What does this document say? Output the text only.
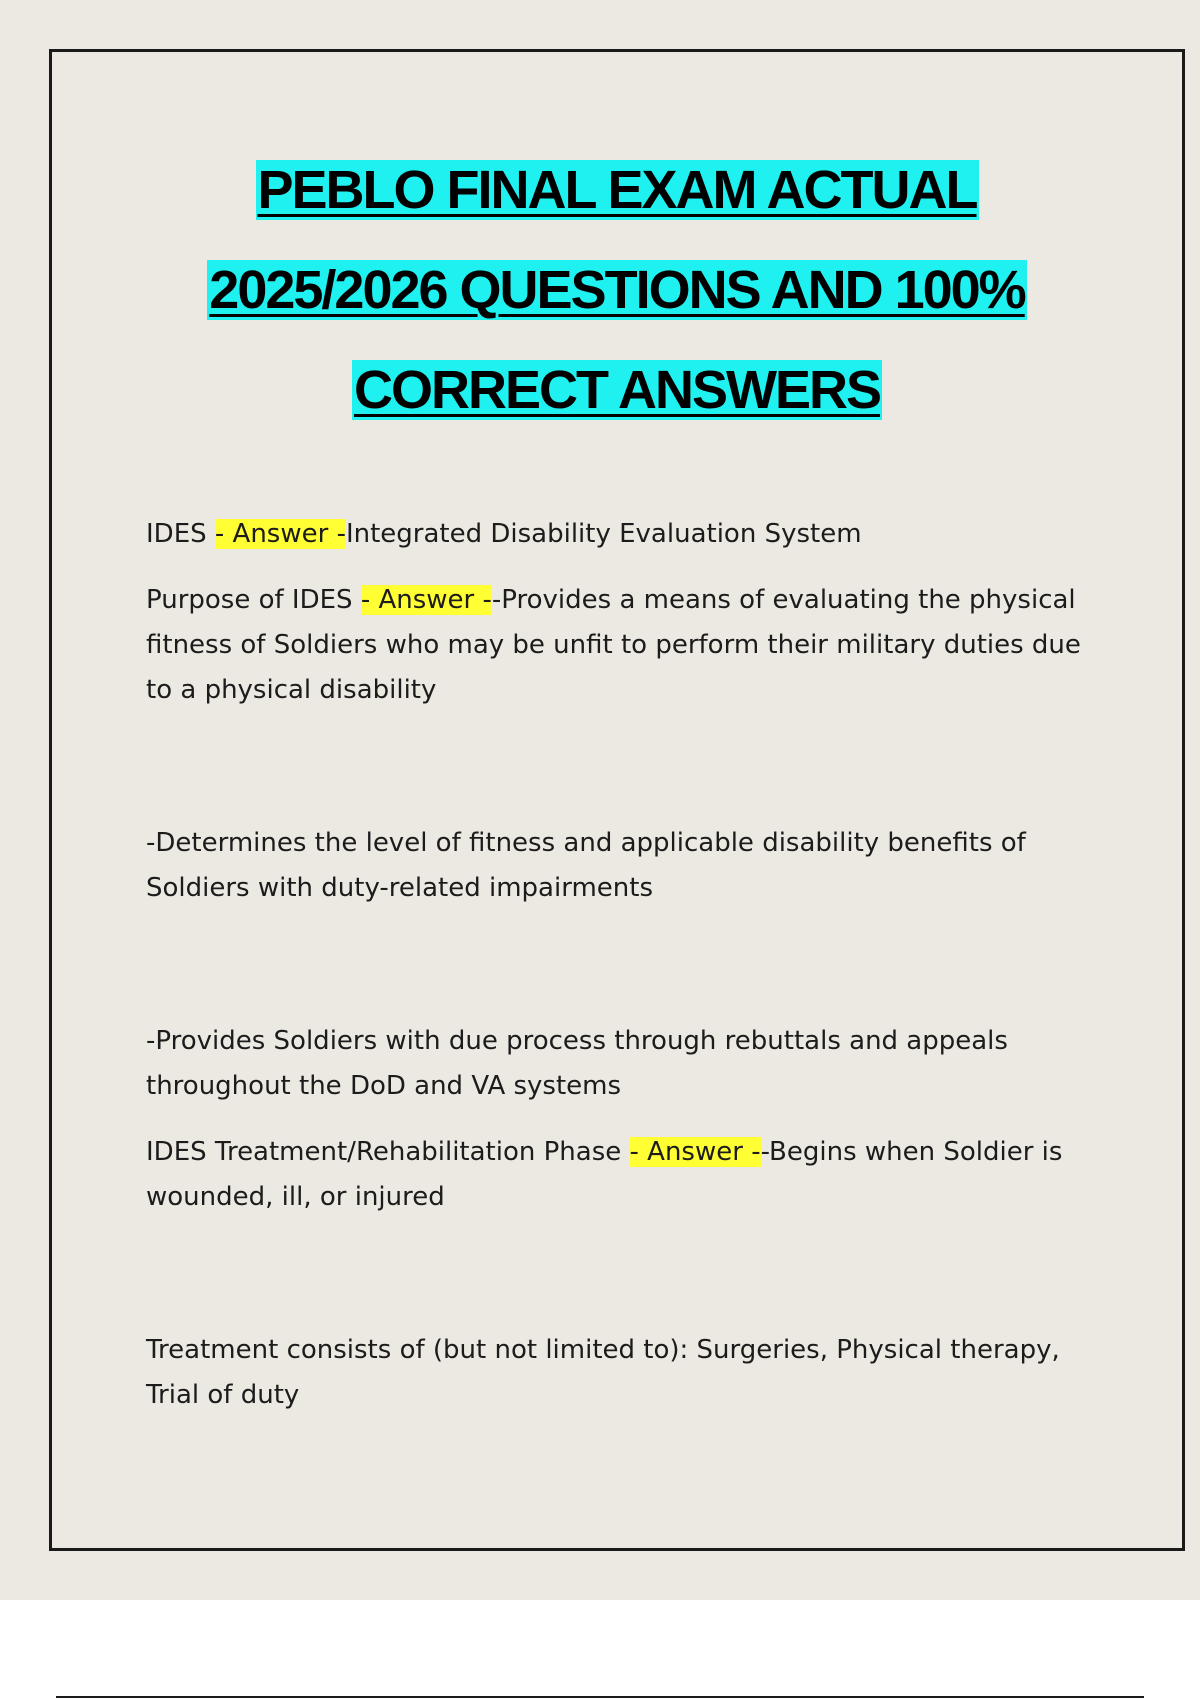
PEBLO FINAL EXAM ACTUAL
2025/2026 QUESTIONS AND 100%
CORRECT ANSWERS

IDES - Answer -Integrated Disability Evaluation System

Purpose of IDES - Answer --Provides a means of evaluating the physical fitness of Soldiers who may be unfit to perform their military duties due to a physical disability

-Determines the level of fitness and applicable disability benefits of Soldiers with duty-related impairments

-Provides Soldiers with due process through rebuttals and appeals throughout the DoD and VA systems

IDES Treatment/Rehabilitation Phase - Answer --Begins when Soldier is wounded, ill, or injured

Treatment consists of (but not limited to): Surgeries, Physical therapy, Trial of duty
